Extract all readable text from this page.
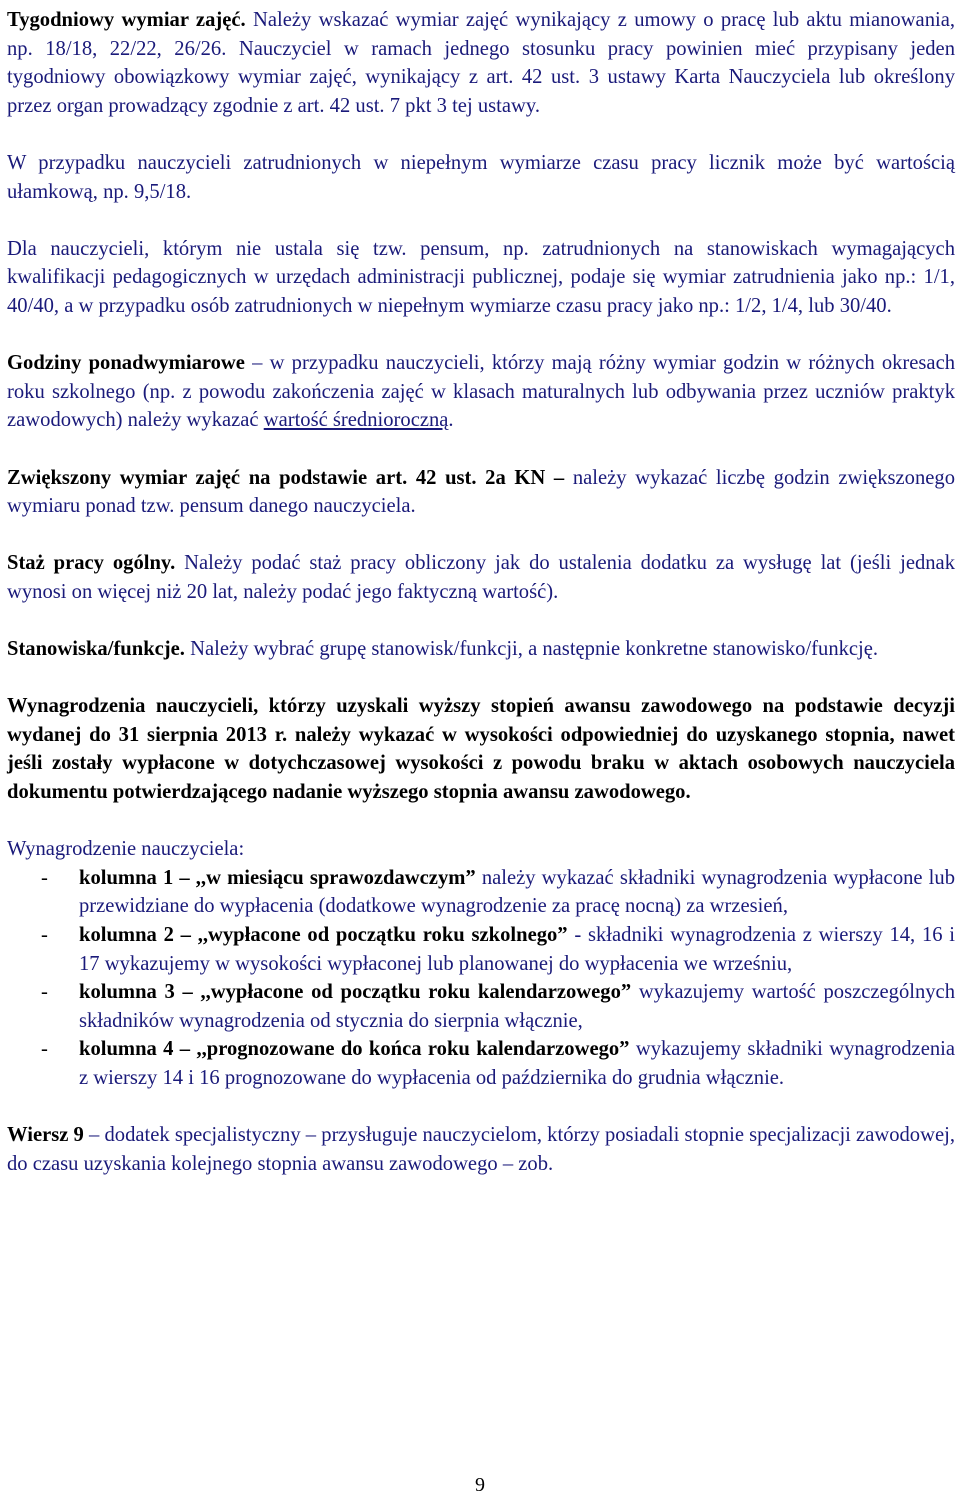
Tygodniowy wymiar zajęć. Należy wskazać wymiar zajęć wynikający z umowy o pracę lub aktu mianowania, np. 18/18, 22/22, 26/26. Nauczyciel w ramach jednego stosunku pracy powinien mieć przypisany jeden tygodniowy obowiązkowy wymiar zajęć, wynikający z art. 42 ust. 3 ustawy Karta Nauczyciela lub określony przez organ prowadzący zgodnie z art. 42 ust. 7 pkt 3 tej ustawy.

W przypadku nauczycieli zatrudnionych w niepełnym wymiarze czasu pracy licznik może być wartością ułamkową, np. 9,5/18.

Dla nauczycieli, którym nie ustala się tzw. pensum, np. zatrudnionych na stanowiskach wymagających kwalifikacji pedagogicznych w urzędach administracji publicznej, podaje się wymiar zatrudnienia jako np.: 1/1, 40/40, a w przypadku osób zatrudnionych w niepełnym wymiarze czasu pracy jako np.: 1/2, 1/4, lub 30/40.

Godziny ponadwymiarowe – w przypadku nauczycieli, którzy mają różny wymiar godzin w różnych okresach roku szkolnego (np. z powodu zakończenia zajęć w klasach maturalnych lub odbywania przez uczniów praktyk zawodowych) należy wykazać wartość średnioroczną.

Zwiększony wymiar zajęć na podstawie art. 42 ust. 2a KN – należy wykazać liczbę godzin zwiększonego wymiaru ponad tzw. pensum danego nauczyciela.

Staż pracy ogólny. Należy podać staż pracy obliczony jak do ustalenia dodatku za wysługę lat (jeśli jednak wynosi on więcej niż 20 lat, należy podać jego faktyczną wartość).

Stanowiska/funkcje. Należy wybrać grupę stanowisk/funkcji, a następnie konkretne stanowisko/funkcję.

Wynagrodzenia nauczycieli, którzy uzyskali wyższy stopień awansu zawodowego na podstawie decyzji wydanej do 31 sierpnia 2013 r. należy wykazać w wysokości odpowiedniej do uzyskanego stopnia, nawet jeśli zostały wypłacone w dotychczasowej wysokości z powodu braku w aktach osobowych nauczyciela dokumentu potwierdzającego nadanie wyższego stopnia awansu zawodowego.

Wynagrodzenie nauczyciela:
- kolumna 1 – ,,w miesiącu sprawozdawczym” należy wykazać składniki wynagrodzenia wypłacone lub przewidziane do wypłacenia (dodatkowe wynagrodzenie za pracę nocną) za wrzesień,
- kolumna 2 – ,,wypłacone od początku roku szkolnego” - składniki wynagrodzenia z wierszy 14, 16 i 17 wykazujemy w wysokości wypłaconej lub planowanej do wypłacenia we wrześniu,
- kolumna 3 – ,,wypłacone od początku roku kalendarzowego” wykazujemy wartość poszczególnych składników wynagrodzenia od stycznia do sierpnia włącznie,
- kolumna 4 – ,,prognozowane do końca roku kalendarzowego” wykazujemy składniki wynagrodzenia z wierszy 14 i 16 prognozowane do wypłacenia od października do grudnia włącznie.

Wiersz 9 – dodatek specjalistyczny – przysługuje nauczycielom, którzy posiadali stopnie specjalizacji zawodowej, do czasu uzyskania kolejnego stopnia awansu zawodowego – zob.

9
